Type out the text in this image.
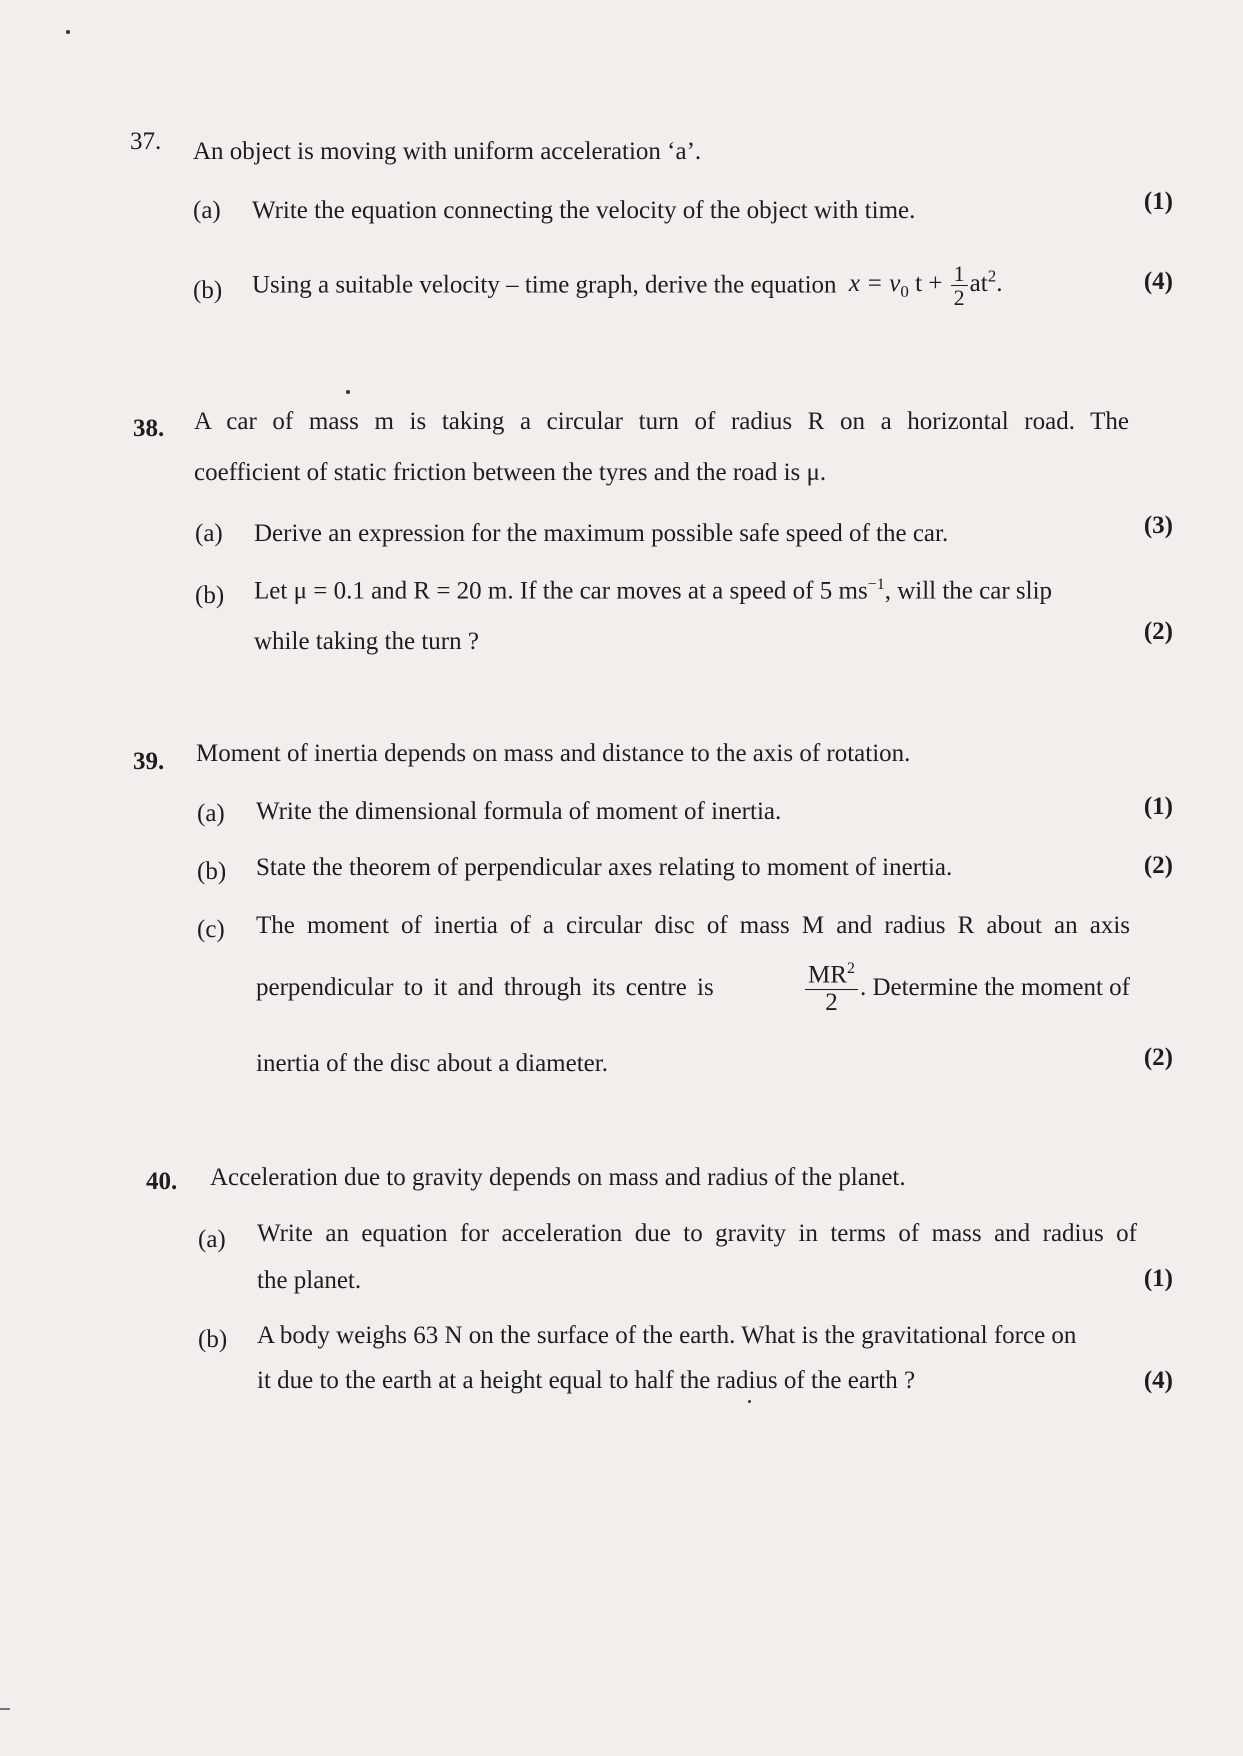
37. An object is moving with uniform acceleration ‘a’.
(a) Write the equation connecting the velocity of the object with time.	(1)
(b) Using a suitable velocity – time graph, derive the equation $x = v_0$ $t + \frac{1}{2} at^2$.	(4)
38. A car of mass m is taking a circular turn of radius R on a horizontal road. The
coefficient of static friction between the tyres and the road is μ.
(a) Derive an expression for the maximum possible safe speed of the car.	(3)
(b) Let μ = 0.1 and R = 20 m. If the car moves at a speed of 5 $ms^{-1}$, will the car slip
while taking the turn ?	(2)
39. Moment of inertia depends on mass and distance to the axis of rotation.
(a) Write the dimensional formula of moment of inertia.	(1)
(b) State the theorem of perpendicular axes relating to moment of inertia.	(2)
(c) The moment of inertia of a circular disc of mass M and radius R about an axis
perpendicular to it and through its centre is	$\frac{MR^2}{2}$ . Determine the moment of
inertia of the disc about a diameter.	(2)
40. Acceleration due to gravity depends on mass and radius of the planet.
(a) Write an equation for acceleration due to gravity in terms of mass and radius of
the planet.	(1)
(b) A body weighs 63 N on the surface of the earth. What is the gravitational force on
it due to the earth at a height equal to half the radius of the earth ?	(4)
